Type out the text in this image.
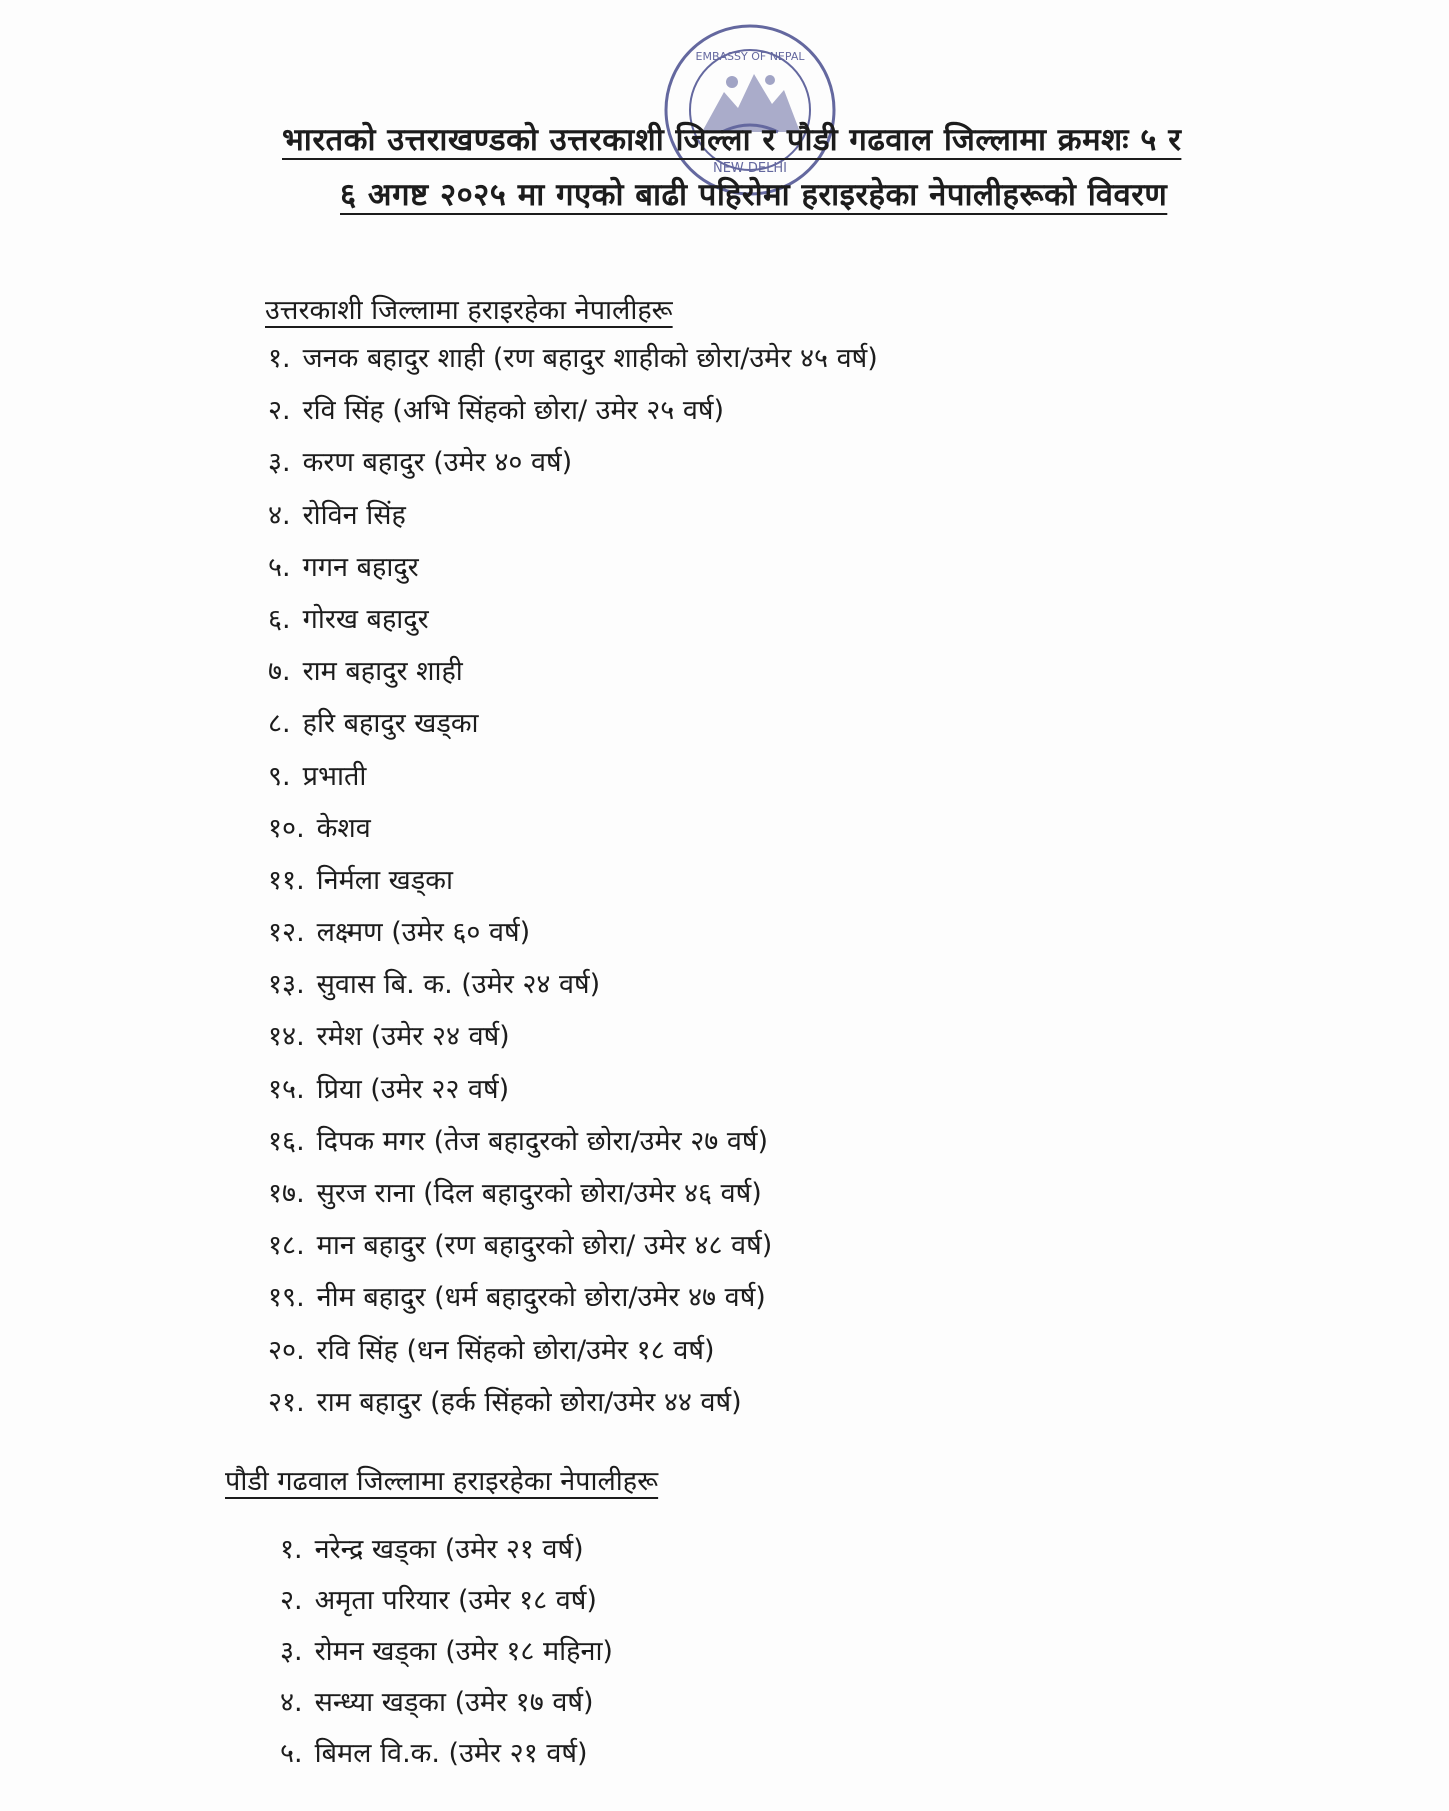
NEW DELHI
EMBASSY OF NEPAL
भारतको उत्तराखण्डको उत्तरकाशी जिल्ला र पौडी गढवाल जिल्लामा क्रमशः ५ र
६ अगष्ट २०२५ मा गएको बाढी पहिरोमा हराइरहेका नेपालीहरूको विवरण
उत्तरकाशी जिल्लामा हराइरहेका नेपालीहरू
१. जनक बहादुर शाही (रण बहादुर शाहीको छोरा/उमेर ४५ वर्ष)
२. रवि सिंह (अभि सिंहको छोरा/ उमेर २५ वर्ष)
३. करण बहादुर (उमेर ४० वर्ष)
४. रोविन सिंह
५. गगन बहादुर
६. गोरख बहादुर
७. राम बहादुर शाही
८. हरि बहादुर खड्का
९. प्रभाती
१०. केशव
११. निर्मला खड्का
१२. लक्ष्मण (उमेर ६० वर्ष)
१३. सुवास बि. क. (उमेर २४ वर्ष)
१४. रमेश (उमेर २४ वर्ष)
१५. प्रिया (उमेर २२ वर्ष)
१६. दिपक मगर (तेज बहादुरको छोरा/उमेर २७ वर्ष)
१७. सुरज राना (दिल बहादुरको छोरा/उमेर ४६ वर्ष)
१८. मान बहादुर (रण बहादुरको छोरा/ उमेर ४८ वर्ष)
१९. नीम बहादुर (धर्म बहादुरको छोरा/उमेर ४७ वर्ष)
२०. रवि सिंह (धन सिंहको छोरा/उमेर १८ वर्ष)
२१. राम बहादुर (हर्क सिंहको छोरा/उमेर ४४ वर्ष)
पौडी गढवाल जिल्लामा हराइरहेका नेपालीहरू
१. नरेन्द्र खड्का (उमेर २१ वर्ष)
२. अमृता परियार (उमेर १८ वर्ष)
३. रोमन खड्का (उमेर १८ महिना)
४. सन्ध्या खड्का (उमेर १७ वर्ष)
५. बिमल वि.क. (उमेर २१ वर्ष)
